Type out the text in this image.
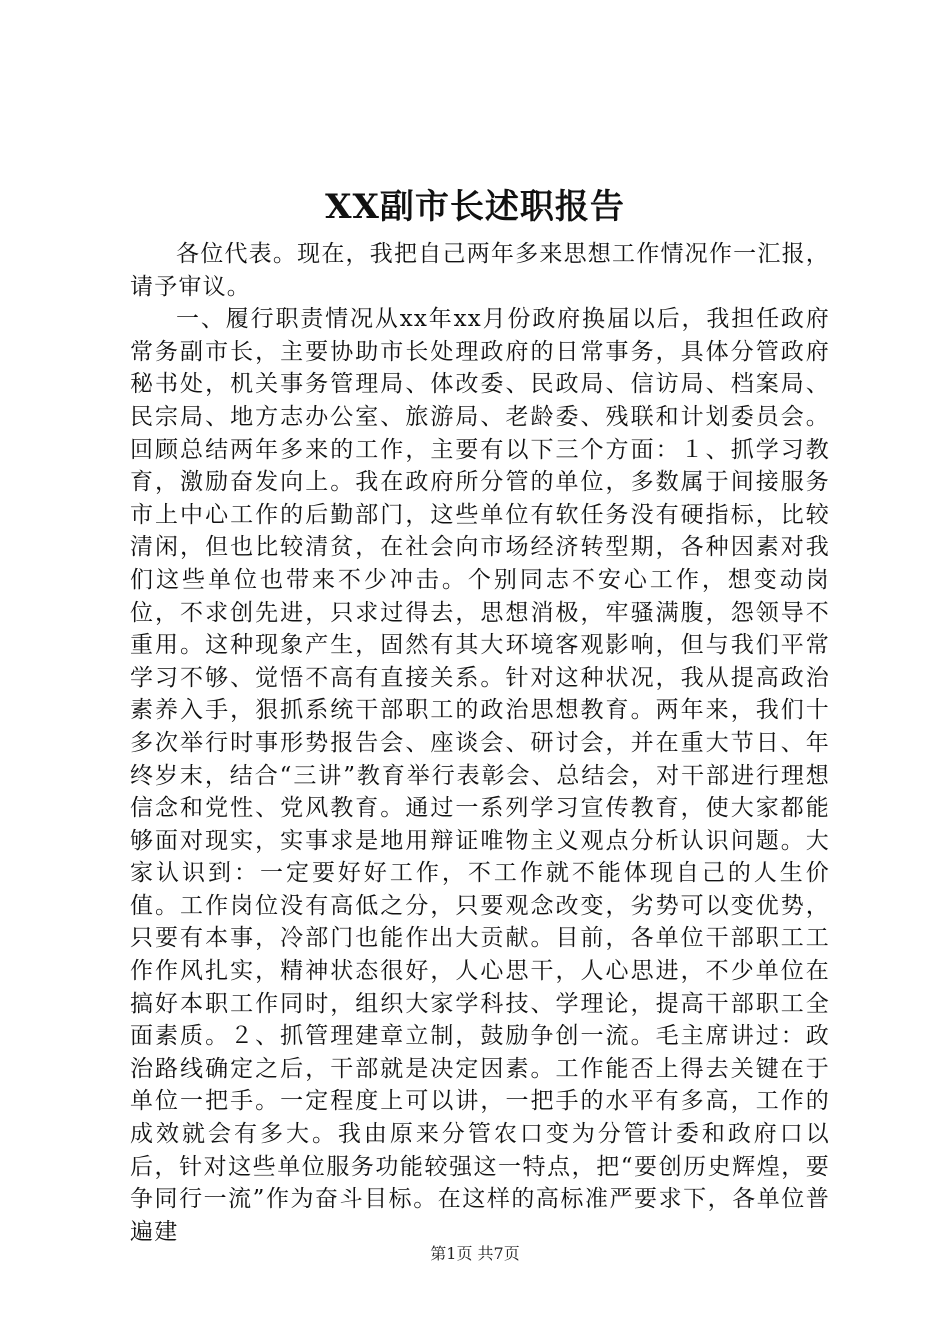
XX副市长述职报告

各位代表。现在，我把自己两年多来思想工作情况作一汇报，请予审议。

一、履行职责情况从xx年xx月份政府换届以后，我担任政府常务副市长，主要协助市长处理政府的日常事务，具体分管政府秘书处，机关事务管理局、体改委、民政局、信访局、档案局、民宗局、地方志办公室、旅游局、老龄委、残联和计划委员会。回顾总结两年多来的工作，主要有以下三个方面：１、抓学习教育，激励奋发向上。我在政府所分管的单位，多数属于间接服务市上中心工作的后勤部门，这些单位有软任务没有硬指标，比较清闲，但也比较清贫，在社会向市场经济转型期，各种因素对我们这些单位也带来不少冲击。个别同志不安心工作，想变动岗位，不求创先进，只求过得去，思想消极，牢骚满腹，怨领导不重用。这种现象产生，固然有其大环境客观影响，但与我们平常学习不够、觉悟不高有直接关系。针对这种状况，我从提高政治素养入手，狠抓系统干部职工的政治思想教育。两年来，我们十多次举行时事形势报告会、座谈会、研讨会，并在重大节日、年终岁末，结合“三讲”教育举行表彰会、总结会，对干部进行理想信念和党性、党风教育。通过一系列学习宣传教育，使大家都能够面对现实，实事求是地用辩证唯物主义观点分析认识问题。大家认识到：一定要好好工作，不工作就不能体现自己的人生价值。工作岗位没有高低之分，只要观念改变，劣势可以变优势，只要有本事，冷部门也能作出大贡献。目前，各单位干部职工工作作风扎实，精神状态很好，人心思干，人心思进，不少单位在搞好本职工作同时，组织大家学科技、学理论，提高干部职工全面素质。２、抓管理建章立制，鼓励争创一流。毛主席讲过：政治路线确定之后，干部就是决定因素。工作能否上得去关键在于单位一把手。一定程度上可以讲，一把手的水平有多高，工作的成效就会有多大。我由原来分管农口变为分管计委和政府口以后，针对这些单位服务功能较强这一特点，把“要创历史辉煌，要争同行一流”作为奋斗目标。在这样的高标准严要求下，各单位普遍建

第1页 共7页
